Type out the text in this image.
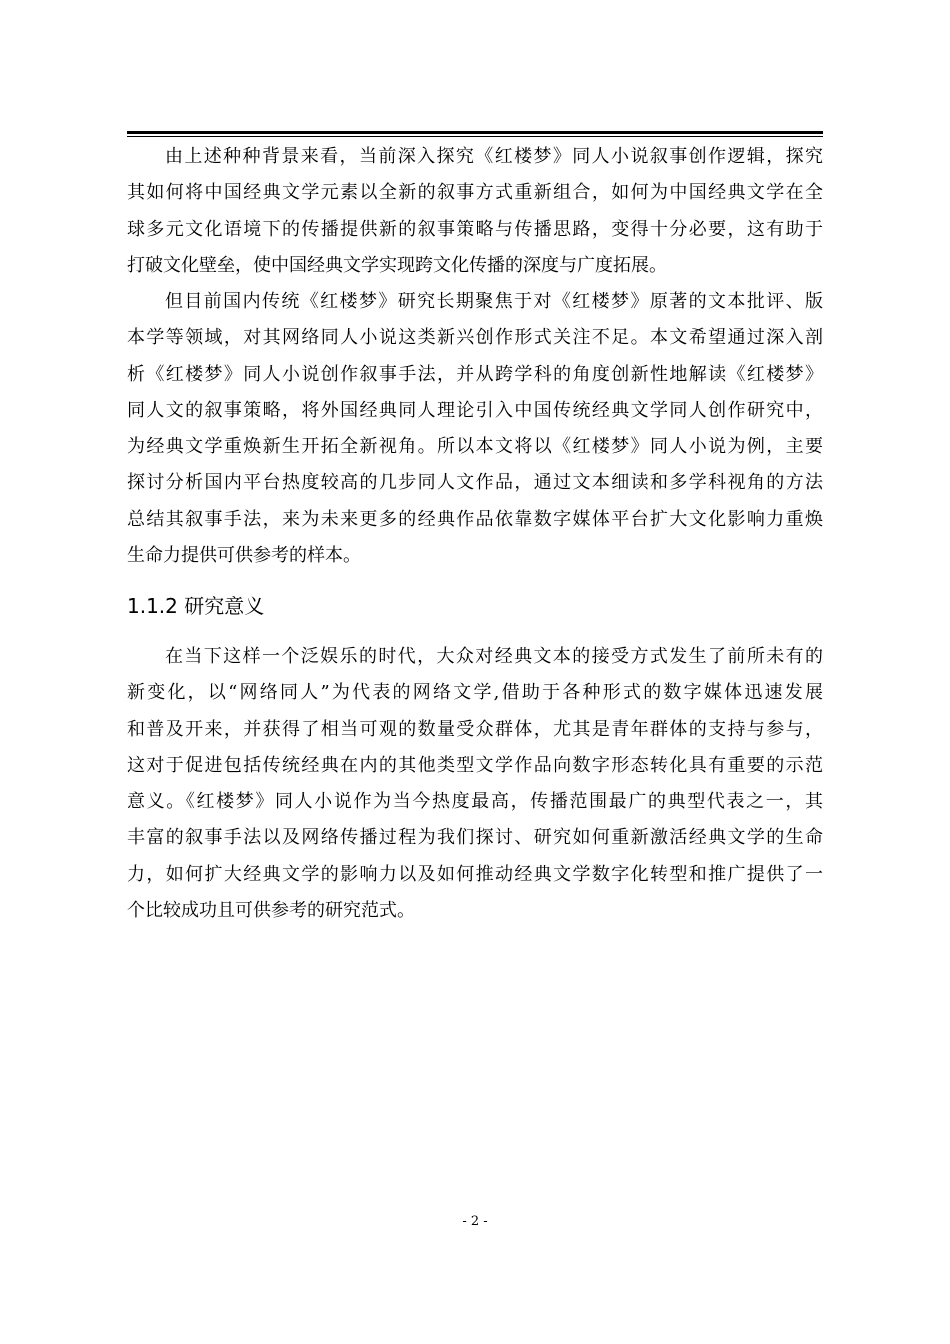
由上述种种背景来看，当前深入探究《红楼梦》同人小说叙事创作逻辑，探究
其如何将中国经典文学元素以全新的叙事方式重新组合，如何为中国经典文学在全
球多元文化语境下的传播提供新的叙事策略与传播思路，变得十分必要，这有助于
打破文化壁垒，使中国经典文学实现跨文化传播的深度与广度拓展。
但目前国内传统《红楼梦》研究长期聚焦于对《红楼梦》原著的文本批评、版
本学等领域，对其网络同人小说这类新兴创作形式关注不足。本文希望通过深入剖
析《红楼梦》同人小说创作叙事手法，并从跨学科的角度创新性地解读《红楼梦》
同人文的叙事策略，将外国经典同人理论引入中国传统经典文学同人创作研究中，
为经典文学重焕新生开拓全新视角。所以本文将以《红楼梦》同人小说为例，主要
探讨分析国内平台热度较高的几步同人文作品，通过文本细读和多学科视角的方法
总结其叙事手法，来为未来更多的经典作品依靠数字媒体平台扩大文化影响力重焕
生命力提供可供参考的样本。
1.1.2 研究意义
在当下这样一个泛娱乐的时代，大众对经典文本的接受方式发生了前所未有的
新变化，以“网络同人”为代表的网络文学,借助于各种形式的数字媒体迅速发展
和普及开来，并获得了相当可观的数量受众群体，尤其是青年群体的支持与参与，
这对于促进包括传统经典在内的其他类型文学作品向数字形态转化具有重要的示范
意义。《红楼梦》同人小说作为当今热度最高，传播范围最广的典型代表之一，其
丰富的叙事手法以及网络传播过程为我们探讨、研究如何重新激活经典文学的生命
力，如何扩大经典文学的影响力以及如何推动经典文学数字化转型和推广提供了一
个比较成功且可供参考的研究范式。
- 2 -
